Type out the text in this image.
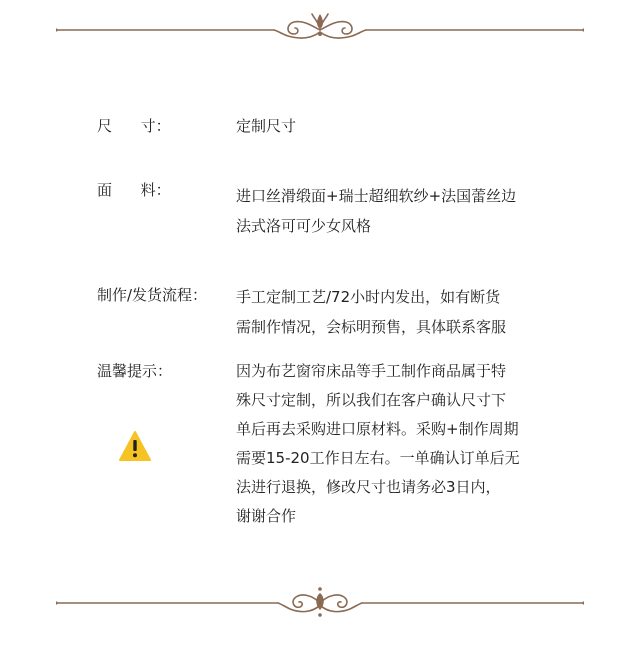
尺      寸：	定制尺寸
面      料：	进口丝滑缎面+瑞士超细软纱+法国蕾丝边
法式洛可可少女风格
制作/发货流程： 手工定制工艺/72小时内发出，如有断货
需制作情况，会标明预售，具体联系客服
温馨提示：	因为布艺窗帘床品等手工制作商品属于特
殊尺寸定制，所以我们在客户确认尺寸下
单后再去采购进口原材料。采购+制作周期
需要15-20工作日左右。一单确认订单后无
法进行退换，修改尺寸也请务必3日内，
谢谢合作
